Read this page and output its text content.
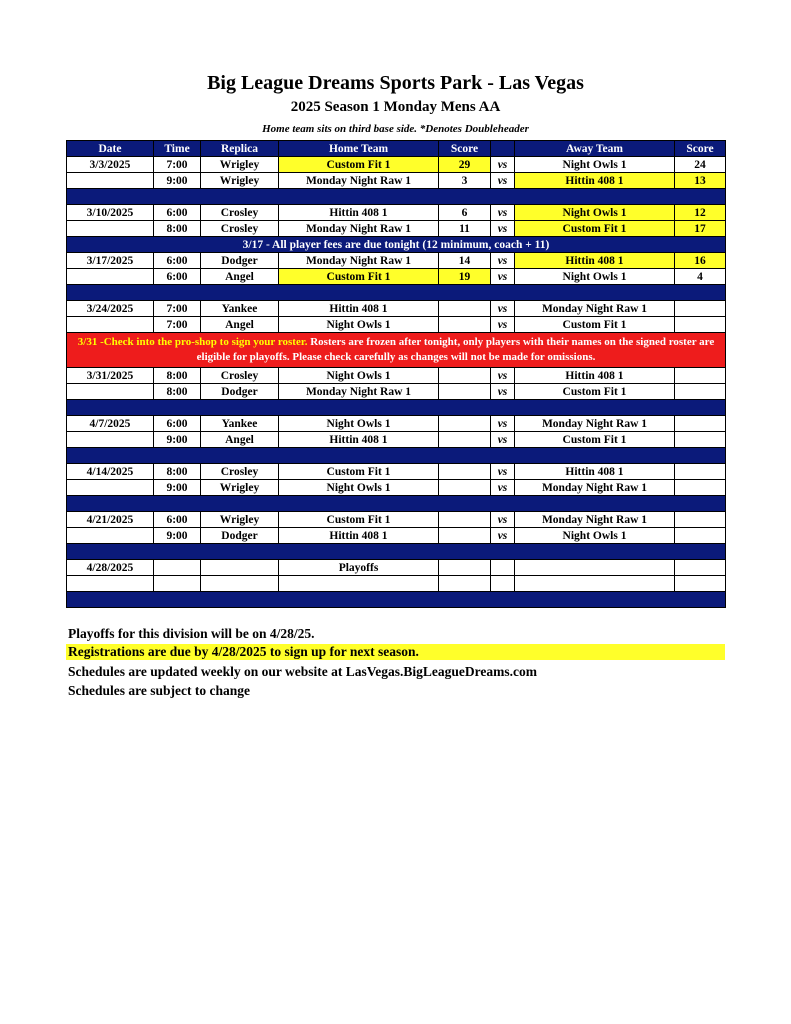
Big League Dreams Sports Park - Las Vegas
2025 Season 1 Monday Mens AA
Home team sits on third base side. *Denotes Doubleheader
Date	Time	Replica	Home Team	Score		Away Team	Score
3/3/2025	7:00	Wrigley	Custom Fit 1	29	vs	Night Owls 1	24
	9:00	Wrigley	Monday Night Raw 1	3	vs	Hittin 408 1	13

3/10/2025	6:00	Crosley	Hittin 408 1	6	vs	Night Owls 1	12
	8:00	Crosley	Monday Night Raw 1	11	vs	Custom Fit 1	17
3/17 - All player fees are due tonight (12 minimum, coach + 11)							
3/17/2025	6:00	Dodger	Monday Night Raw 1	14	vs	Hittin 408 1	16
	6:00	Angel	Custom Fit 1	19	vs	Night Owls 1	4

3/24/2025	7:00	Yankee	Hittin 408 1		vs	Monday Night Raw 1	
	7:00	Angel	Night Owls 1		vs	Custom Fit 1	
3/31 -Check into the pro-shop to sign your roster. Rosters are frozen after tonight, only players with their names on the signed roster are eligible for playoffs. Please check carefully as changes will not be made for omissions.							
3/31/2025	8:00	Crosley	Night Owls 1		vs	Hittin 408 1	
	8:00	Dodger	Monday Night Raw 1		vs	Custom Fit 1	

4/7/2025	6:00	Yankee	Night Owls 1		vs	Monday Night Raw 1	
	9:00	Angel	Hittin 408 1		vs	Custom Fit 1	

4/14/2025	8:00	Crosley	Custom Fit 1		vs	Hittin 408 1	
	9:00	Wrigley	Night Owls 1		vs	Monday Night Raw 1	

4/21/2025	6:00	Wrigley	Custom Fit 1		vs	Monday Night Raw 1	
	9:00	Dodger	Hittin 408 1		vs	Night Owls 1	

4/28/2025			Playoffs				

Playoffs for this division will be on 4/28/25.
Registrations are due by 4/28/2025 to sign up for next season.
Schedules are updated weekly on our website at LasVegas.BigLeagueDreams.com
Schedules are subject to change
